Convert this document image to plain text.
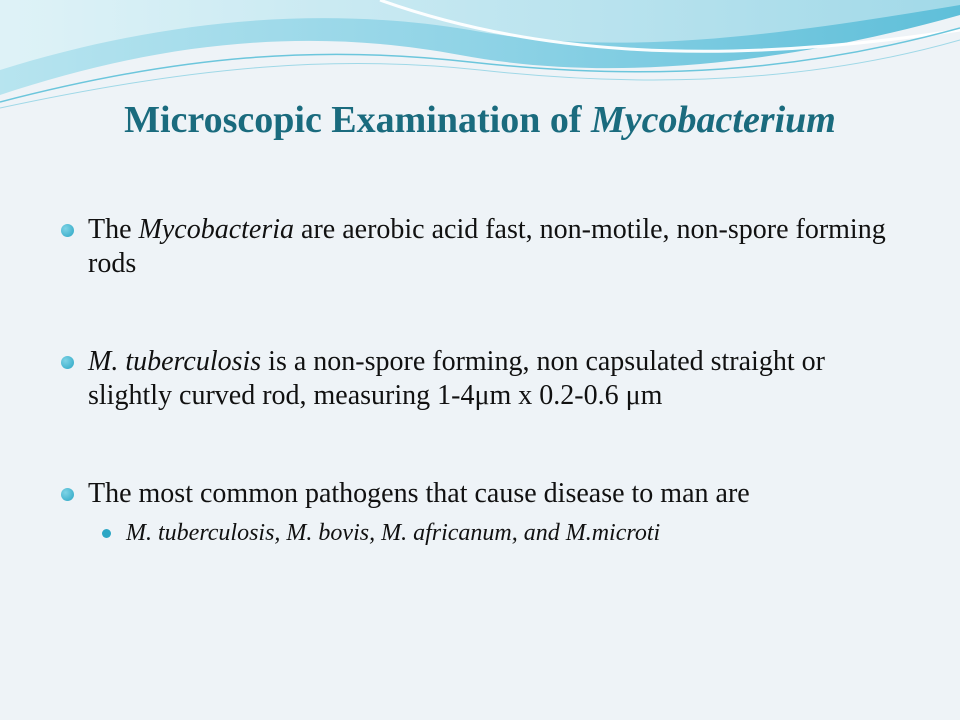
Microscopic Examination of Mycobacterium
The Mycobacteria are aerobic acid fast, non-motile, non-spore forming rods
M. tuberculosis is a non-spore forming, non capsulated straight or slightly curved rod, measuring 1-4μm x 0.2-0.6 μm
The most common pathogens that cause disease to man are
M. tuberculosis, M. bovis, M. africanum, and M.microti
